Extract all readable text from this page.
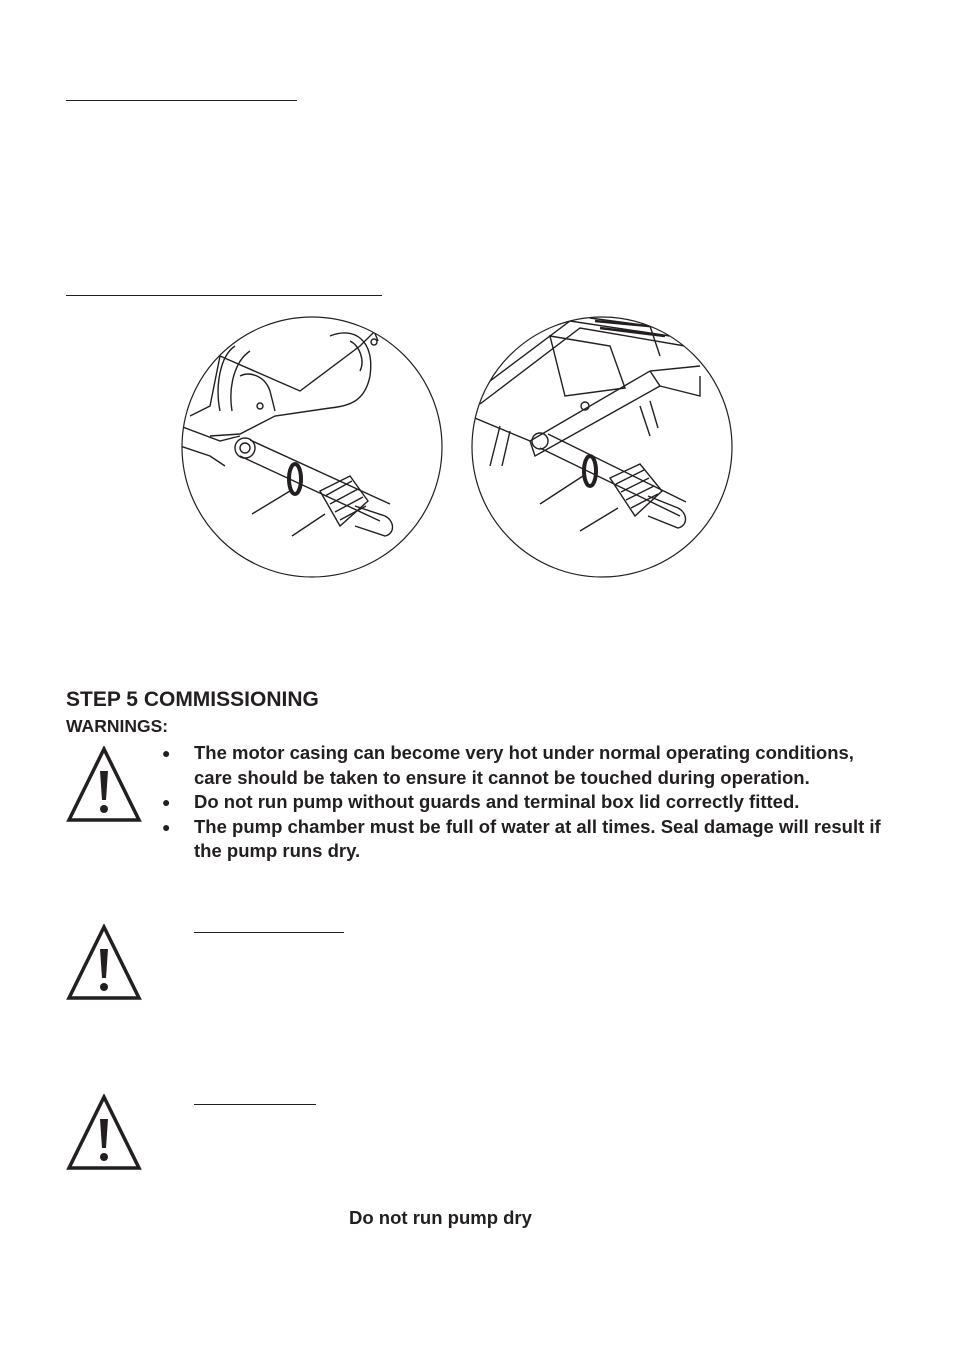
STEP 5 COMMISSIONING
WARNINGS:
● The motor casing can become very hot under normal operating conditions, care should be taken to ensure it cannot be touched during operation.
● Do not run pump without guards and terminal box lid correctly fitted.
● The pump chamber must be full of water at all times. Seal damage will result if the pump runs dry.
Do not run pump dry
